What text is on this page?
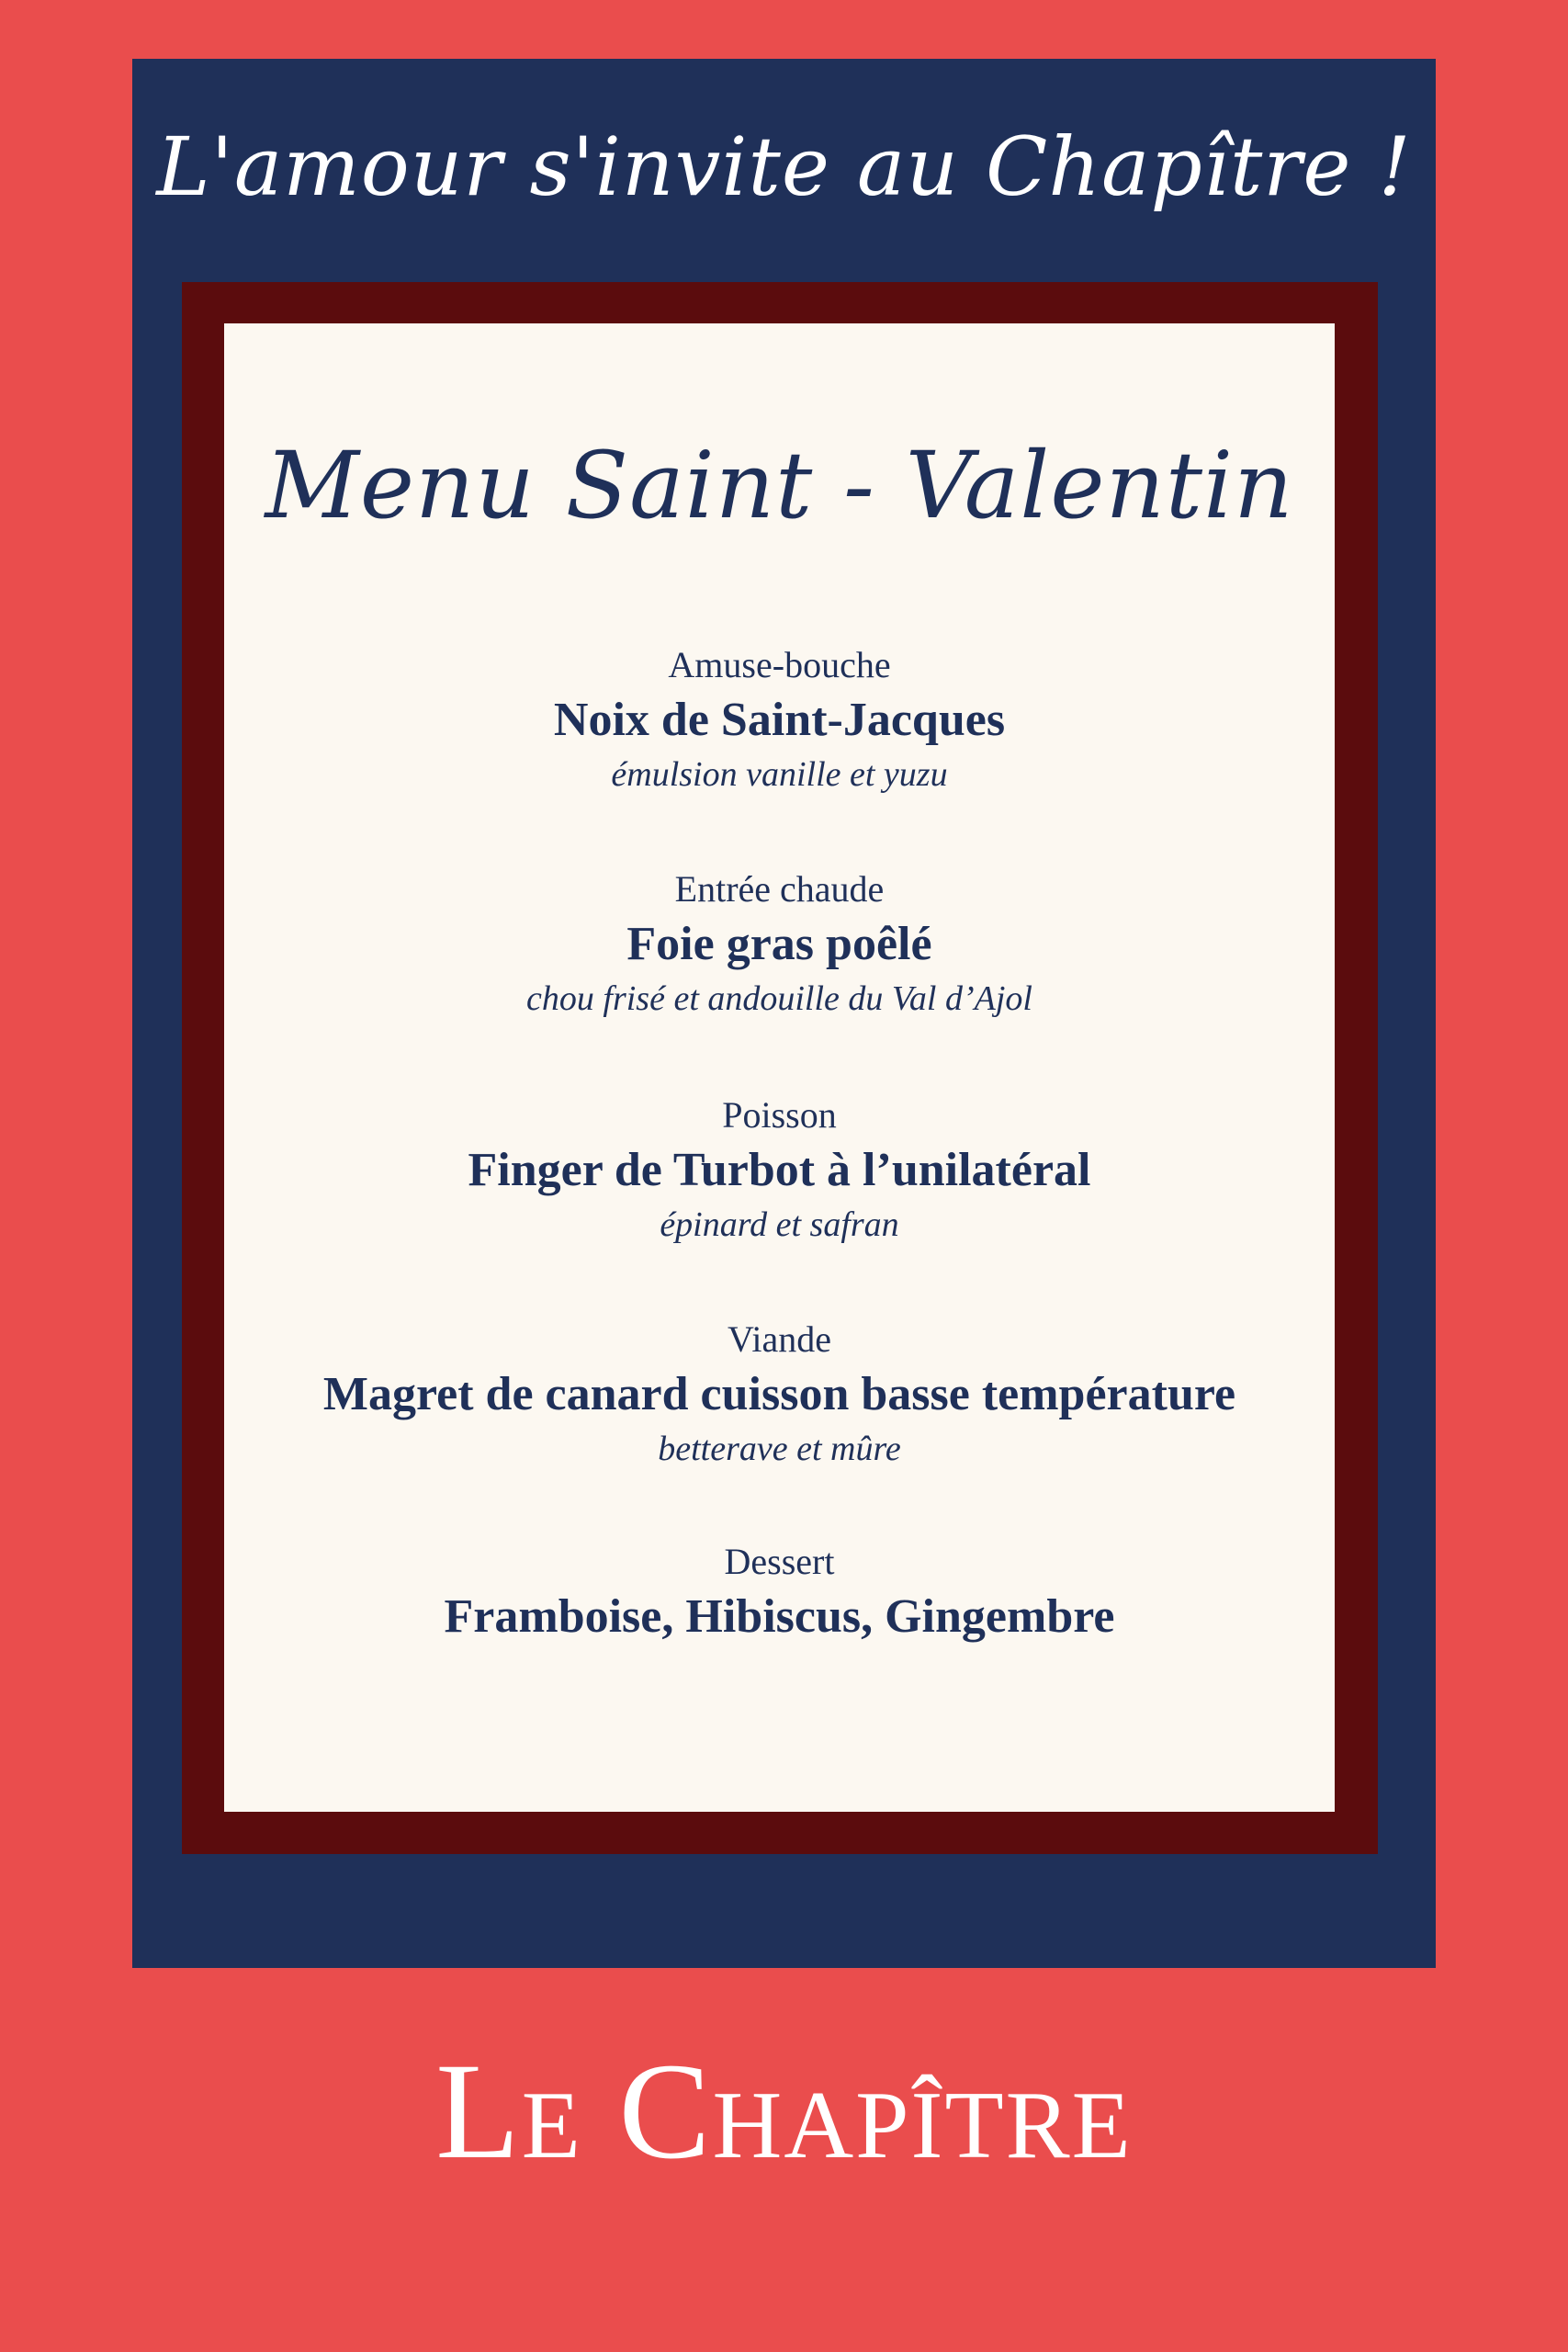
L'amour s'invite au Chapître !
Menu Saint - Valentin
Amuse-bouche
Noix de Saint-Jacques
émulsion vanille et yuzu
Entrée chaude
Foie gras poêlé
chou frisé et andouille du Val d’Ajol
Poisson
Finger de Turbot à l’unilatéral
épinard et safran
Viande
Magret de canard cuisson basse température
betterave et mûre
Dessert
Framboise, Hibiscus, Gingembre
Le Chapître
